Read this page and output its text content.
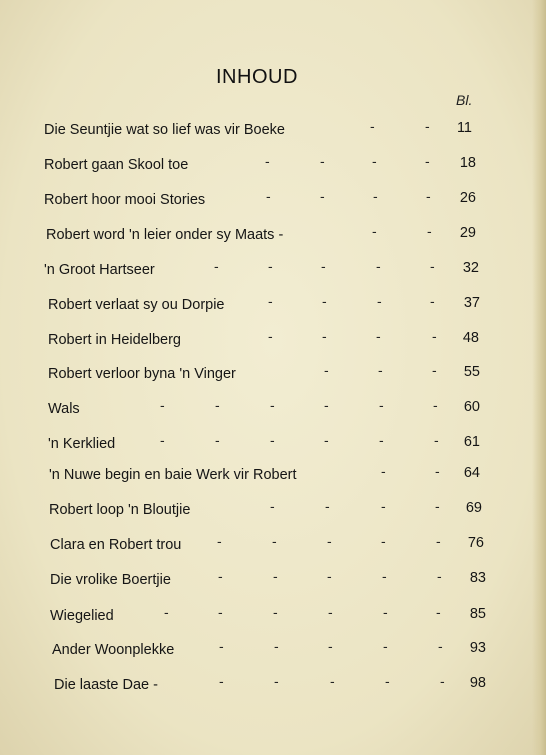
INHOUD
Bl.
Die Seuntjie wat so lief was vir Boeke	-	- 11
Robert gaan Skool toe	-	-	-	- 18
Robert hoor mooi Stories	-	-	-	- 26
Robert word 'n leier onder sy Maats -	-	- 29
'n Groot Hartseer	-	-	-	-	- 32
Robert verlaat sy ou Dorpie	-	-	-	- 37
Robert in Heidelberg	-	-	-	- 48
Robert verloor byna 'n Vinger	-	-	- 55
Wals	-	-	-	-	-	- 60
'n Kerklied	-	-	-	-	-	- 61
'n Nuwe begin en baie Werk vir Robert	-	- 64
Robert loop 'n Bloutjie	-	-	-	- 69
Clara en Robert trou	-	-	-	-	- 76
Die vrolike Boertjie	-	-	-	-	- 83
Wiegelied	-	-	-	-	-	- 85
Ander Woonplekke	-	-	-	-	- 93
Die laaste Dae -	-	-	-	-	- 98
